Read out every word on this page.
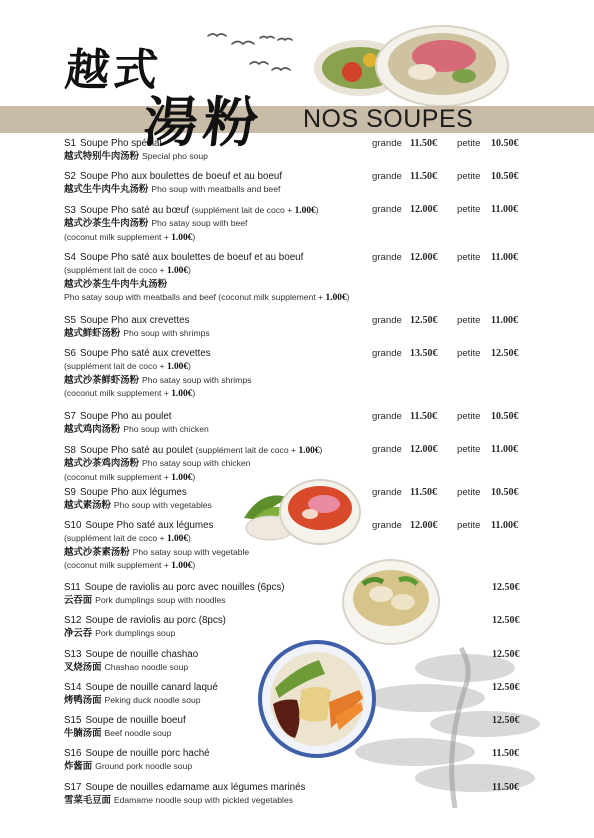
越式
NOS SOUPES
湯粉
S1 Soupe Pho spécial
越式特别牛肉汤粉 Special pho soup
grande 11.50€ petite 10.50€
S2 Soupe Pho aux boulettes de boeuf et au boeuf
越式生牛肉牛丸汤粉 Pho soup with meatballs and beef
grande 11.50€ petite 10.50€
S3 Soupe Pho saté au bœuf (supplément lait de coco + 1.00€)
越式沙茶生牛肉汤粉 Pho satay soup with beef
(coconut milk supplement + 1.00€)
grande 12.00€ petite 11.00€
S4 Soupe Pho saté aux boulettes de boeuf et au boeuf
(supplément lait de coco + 1.00€)
越式沙茶生牛肉牛丸汤粉
Pho satay soup with meatballs and beef (coconut milk supplement + 1.00€)
grande 12.00€ petite 11.00€
S5 Soupe Pho aux crevettes
越式鲜虾汤粉 Pho soup with shrimps
grande 12.50€ petite 11.00€
S6 Soupe Pho saté aux crevettes
(supplément lait de coco + 1.00€)
越式沙茶鲜虾汤粉 Pho satay soup with shrimps
(coconut milk supplement + 1.00€)
grande 13.50€ petite 12.50€
S7 Soupe Pho au poulet
越式鸡肉汤粉 Pho soup with chicken
grande 11.50€ petite 10.50€
S8 Soupe Pho saté au poulet (supplément lait de coco + 1.00€)
越式沙茶鸡肉汤粉 Pho satay soup with chicken
(coconut milk supplement + 1.00€)
grande 12.00€ petite 11.00€
S9 Soupe Pho aux légumes
越式素汤粉 Pho soup with vegetables
grande 11.50€ petite 10.50€
S10 Soupe Pho saté aux légumes
(supplément lait de coco + 1.00€)
越式沙茶素汤粉 Pho satay soup with vegetable
(coconut milk supplement + 1.00€)
grande 12.00€ petite 11.00€
S11 Soupe de raviolis au porc avec nouilles (6pcs)
云吞面 Pork dumplings soup with noodles
12.50€
S12 Soupe de raviolis au porc (8pcs)
净云吞 Pork dumplings soup
12.50€
S13 Soupe de nouille chashao
叉烧汤面 Chashao noodle soup
12.50€
S14 Soupe de nouille canard laqué
烤鸭汤面 Peking duck noodle soup
12.50€
S15 Soupe de nouille boeuf
牛腩汤面 Beef noodle soup
12.50€
S16 Soupe de nouille porc haché
炸酱面 Ground pork noodle soup
11.50€
S17 Soupe de nouilles edamame aux légumes marinés
雪菜毛豆面 Edamame noodle soup with pickled vegetables
11.50€
